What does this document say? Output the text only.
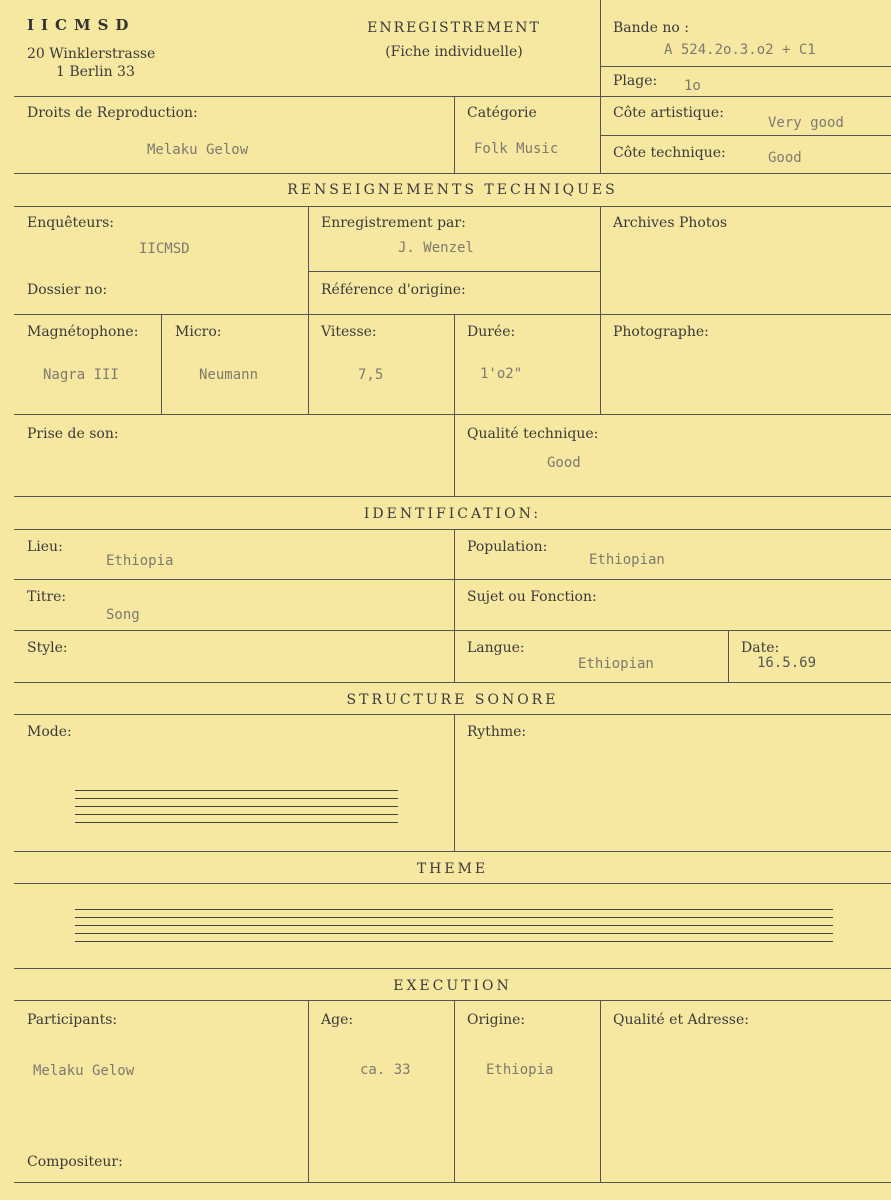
IICMSD
20 Winklerstrasse
1 Berlin 33
ENREGISTREMENT
(Fiche individuelle)
Bande no :
A 524.2o.3.o2 + C1
Plage: 1o
Droits de Reproduction:
Melaku Gelow
Catégorie
Folk Music
Côte artistique:
Very good
Côte technique:	Good
RENSEIGNEMENTS TECHNIQUES
Enquêteurs:
IICMSD
Enregistrement par:
J. Wenzel
Archives Photos
Dossier no:	Référence d'origine:
Magnétophone:
Nagra III
Micro:
Neumann
Vitesse:
7,5
Durée:
1'o2"
Photographe:
Prise de son:	Qualité technique:
Good
IDENTIFICATION:
Lieu:
Ethiopia
Population:
Ethiopian
Titre:
Song
Sujet ou Fonction:
Style:	Langue:
Ethiopian
Date:
16.5.69
STRUCTURE SONORE
Mode:	Rythme:
THEME
EXECUTION
Participants:
Melaku Gelow
Age:
ca. 33
Origine:
Ethiopia
Qualité et Adresse:
Compositeur:
